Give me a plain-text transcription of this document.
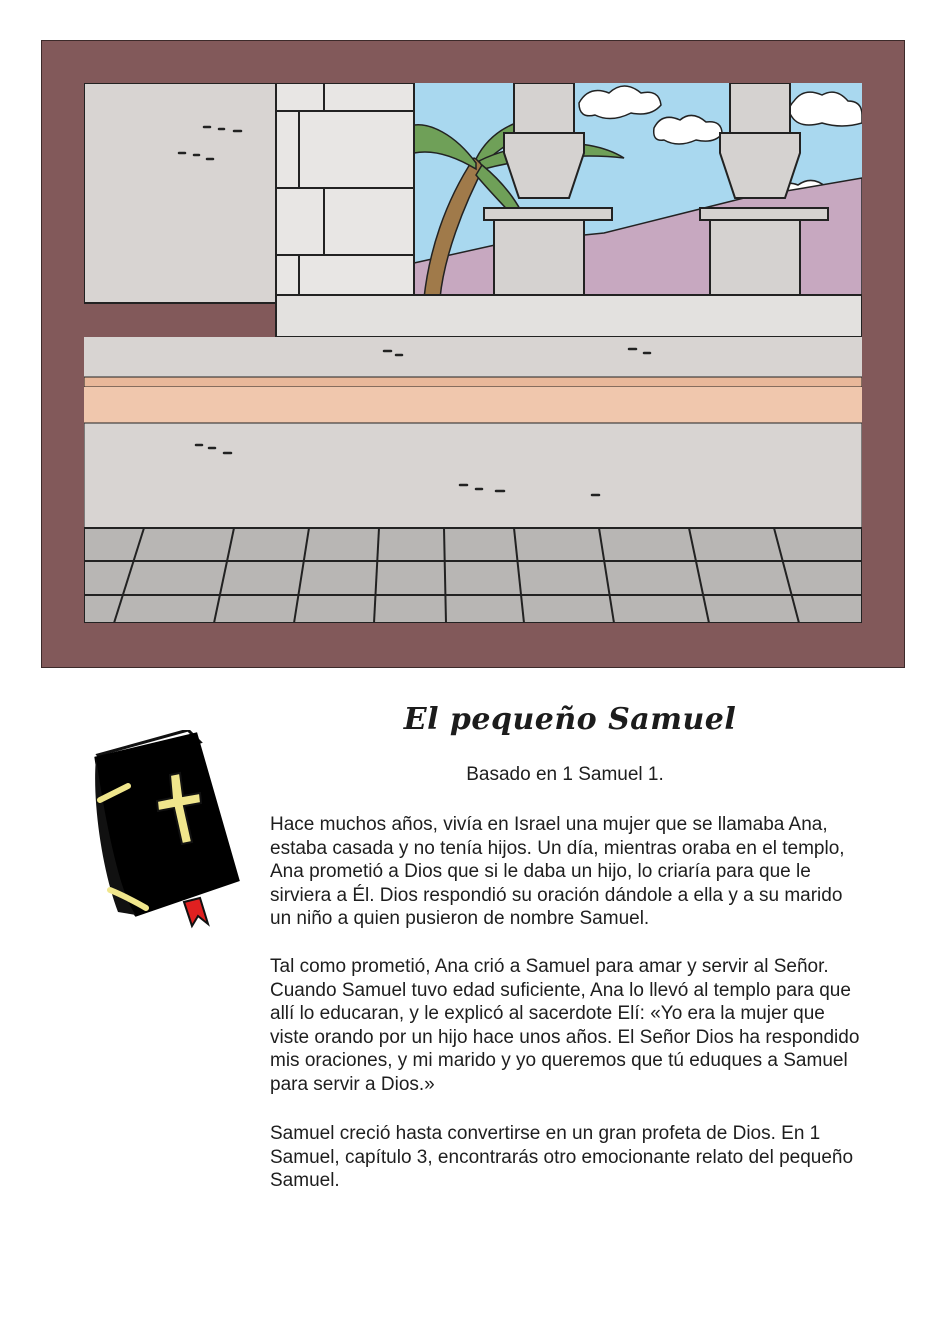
El pequeño Samuel
Basado en 1 Samuel 1.
Hace muchos años, vivía en Israel una mujer que se llamaba Ana, estaba casada y no tenía hijos. Un día, mientras oraba en el templo, Ana prometió a Dios que si le daba un hijo, lo criaría para que le sirviera a Él. Dios respondió su oración dándole a ella y a su marido un niño a quien pusieron de nombre Samuel.
Tal como prometió, Ana crió a Samuel para amar y servir al Señor. Cuando Samuel tuvo edad suficiente, Ana lo llevó al templo para que allí lo educaran, y le explicó al sacerdote Elí: «Yo era la mujer que viste orando por un hijo hace unos años. El Señor Dios ha respondido mis oraciones, y mi marido y yo queremos que tú eduques a Samuel para servir a Dios.»
Samuel creció hasta convertirse en un gran profeta de Dios. En 1 Samuel, capítulo 3, encontrarás otro emocionante relato del pequeño Samuel.
